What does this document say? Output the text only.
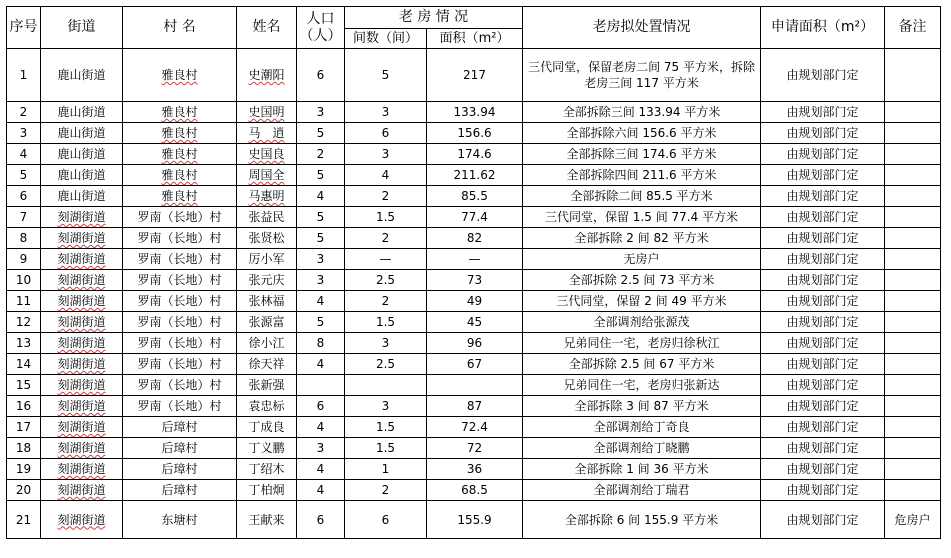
序号	街道	村 名	姓名	人口（人）	老 房 情 况		老房拟处置情况	申请面积（m²）	备注
					间数（间）	面积（m²）			
1	鹿山街道	雅良村	史潮阳	6	5	217	三代同堂，保留老房二间 75 平方米，拆除老房三间 117 平方米	由规划部门定	
2	鹿山街道	雅良村	史国明	3	3	133.94	全部拆除三间 133.94 平方米	由规划部门定	
3	鹿山街道	雅良村	马　逍	5	6	156.6	全部拆除六间 156.6 平方米	由规划部门定	
4	鹿山街道	雅良村	史国良	2	3	174.6	全部拆除三间 174.6 平方米	由规划部门定	
5	鹿山街道	雅良村	周国全	5	4	211.62	全部拆除四间 211.6 平方米	由规划部门定	
6	鹿山街道	雅良村	马惠明	4	2	85.5	全部拆除二间 85.5 平方米	由规划部门定	
7	刻湖街道	罗南（长地）村	张益民	5	1.5	77.4	三代同堂，保留 1.5 间 77.4 平方米	由规划部门定	
8	刻湖街道	罗南（长地）村	张贤松	5	2	82	全部拆除 2 间 82 平方米	由规划部门定	
9	刻湖街道	罗南（长地）村	厉小军	3	—	—	无房户	由规划部门定	
10	刻湖街道	罗南（长地）村	张元庆	3	2.5	73	全部拆除 2.5 间 73 平方米	由规划部门定	
11	刻湖街道	罗南（长地）村	张林福	4	2	49	三代同堂，保留 2 间 49 平方米	由规划部门定	
12	刻湖街道	罗南（长地）村	张源富	5	1.5	45	全部调剂给张源茂	由规划部门定	
13	刻湖街道	罗南（长地）村	徐小江	8	3	96	兄弟同住一宅，老房归徐秋江	由规划部门定	
14	刻湖街道	罗南（长地）村	徐天祥	4	2.5	67	全部拆除 2.5 间 67 平方米	由规划部门定	
15	刻湖街道	罗南（长地）村	张新强				兄弟同住一宅，老房归张新达	由规划部门定	
16	刻湖街道	罗南（长地）村	袁忠标	6	3	87	全部拆除 3 间 87 平方米	由规划部门定	
17	刻湖街道	后璋村	丁成良	4	1.5	72.4	全部调剂给丁奇良	由规划部门定	
18	刻湖街道	后璋村	丁义鹏	3	1.5	72	全部调剂给丁晓鹏	由规划部门定	
19	刻湖街道	后璋村	丁绍木	4	1	36	全部拆除 1 间 36 平方米	由规划部门定	
20	刻湖街道	后璋村	丁柏炯	4	2	68.5	全部调剂给丁瑞君	由规划部门定	
21	刻湖街道	东塘村	王献来	6	6	155.9	全部拆除 6 间 155.9 平方米	由规划部门定	危房户
